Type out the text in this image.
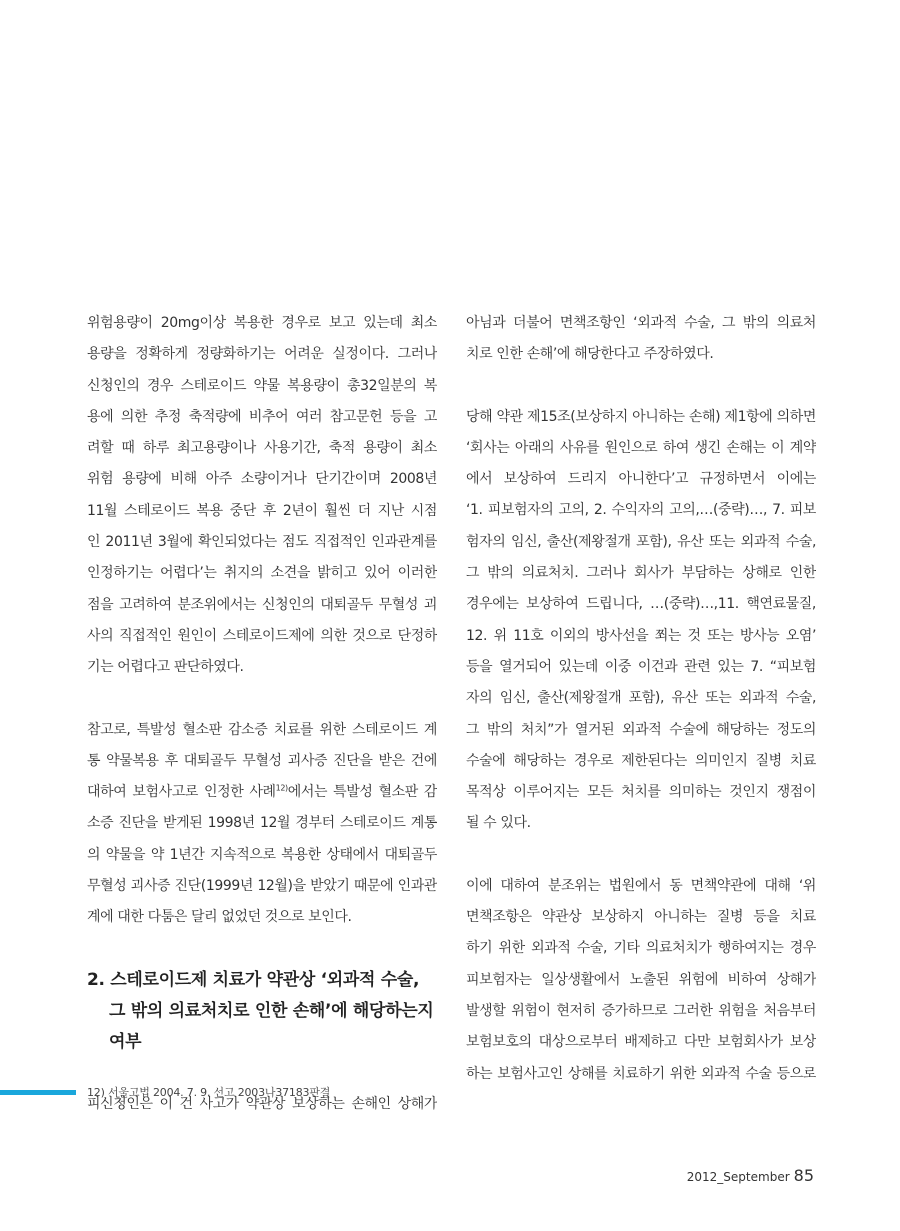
위험용량이 20mg이상 복용한 경우로 보고 있는데 최소
용량을 정확하게 정량화하기는 어려운 실정이다. 그러나
신청인의 경우 스테로이드 약물 복용량이 총32일분의 복
용에 의한 추정 축적량에 비추어 여러 참고문헌 등을 고
려할 때 하루 최고용량이나 사용기간, 축적 용량이 최소
위험 용량에 비해 아주 소량이거나 단기간이며 2008년
11월 스테로이드 복용 중단 후 2년이 훨씬 더 지난 시점
인 2011년 3월에 확인되었다는 점도 직접적인 인과관계를
인정하기는 어렵다’는 취지의 소견을 밝히고 있어 이러한
점을 고려하여 분조위에서는 신청인의 대퇴골두 무혈성 괴
사의 직접적인 원인이 스테로이드제에 의한 것으로 단정하
기는 어렵다고 판단하였다.

참고로, 특발성 혈소판 감소증 치료를 위한 스테로이드 계
통 약물복용 후 대퇴골두 무혈성 괴사증 진단을 받은 건에
대하여 보험사고로 인정한 사례$^{12)}$에서는 특발성 혈소판 감
소증 진단을 받게된 1998년 12월 경부터 스테로이드 계통
의 약물을 약 1년간 지속적으로 복용한 상태에서 대퇴골두
무혈성 괴사증 진단(1999년 12월)을 받았기 때문에 인과관
계에 대한 다툼은 달리 없었던 것으로 보인다.

2. 스테로이드제 치료가 약관상 ‘외과적 수술,
그 밖의 의료처치로 인한 손해’에 해당하는지 여부

피신청인은 이 건 사고가 약관상 보상하는 손해인 상해가

아님과 더불어 면책조항인 ‘외과적 수술, 그 밖의 의료처
치로 인한 손해’에 해당한다고 주장하였다.

당해 약관 제15조(보상하지 아니하는 손해) 제1항에 의하면
‘회사는 아래의 사유를 원인으로 하여 생긴 손해는 이 계약
에서 보상하여 드리지 아니한다’고 규정하면서 이에는
‘1. 피보험자의 고의, 2. 수익자의 고의,…(중략)…, 7. 피보
험자의 임신, 출산(제왕절개 포함), 유산 또는 외과적 수술,
그 밖의 의료처치. 그러나 회사가 부담하는 상해로 인한
경우에는 보상하여 드립니다, …(중략)…,11. 핵연료물질,
12. 위 11호 이외의 방사선을 쬐는 것 또는 방사능 오염’
등을 열거되어 있는데 이중 이건과 관련 있는 7. “피보험
자의 임신, 출산(제왕절개 포함), 유산 또는 외과적 수술,
그 밖의 처치”가 열거된 외과적 수술에 해당하는 정도의
수술에 해당하는 경우로 제한된다는 의미인지 질병 치료
목적상 이루어지는 모든 처치를 의미하는 것인지 쟁점이
될 수 있다.

이에 대하여 분조위는 법원에서 동 면책약관에 대해 ‘위
면책조항은 약관상 보상하지 아니하는 질병 등을 치료
하기 위한 외과적 수술, 기타 의료처치가 행하여지는 경우
피보험자는 일상생활에서 노출된 위험에 비하여 상해가
발생할 위험이 현저히 증가하므로 그러한 위험을 처음부터
보험보호의 대상으로부터 배제하고 다만 보험회사가 보상
하는 보험사고인 상해를 치료하기 위한 외과적 수술 등으로

12) 서울고법 2004. 7. 9. 선고 2003나37183판결
2012_September 85
